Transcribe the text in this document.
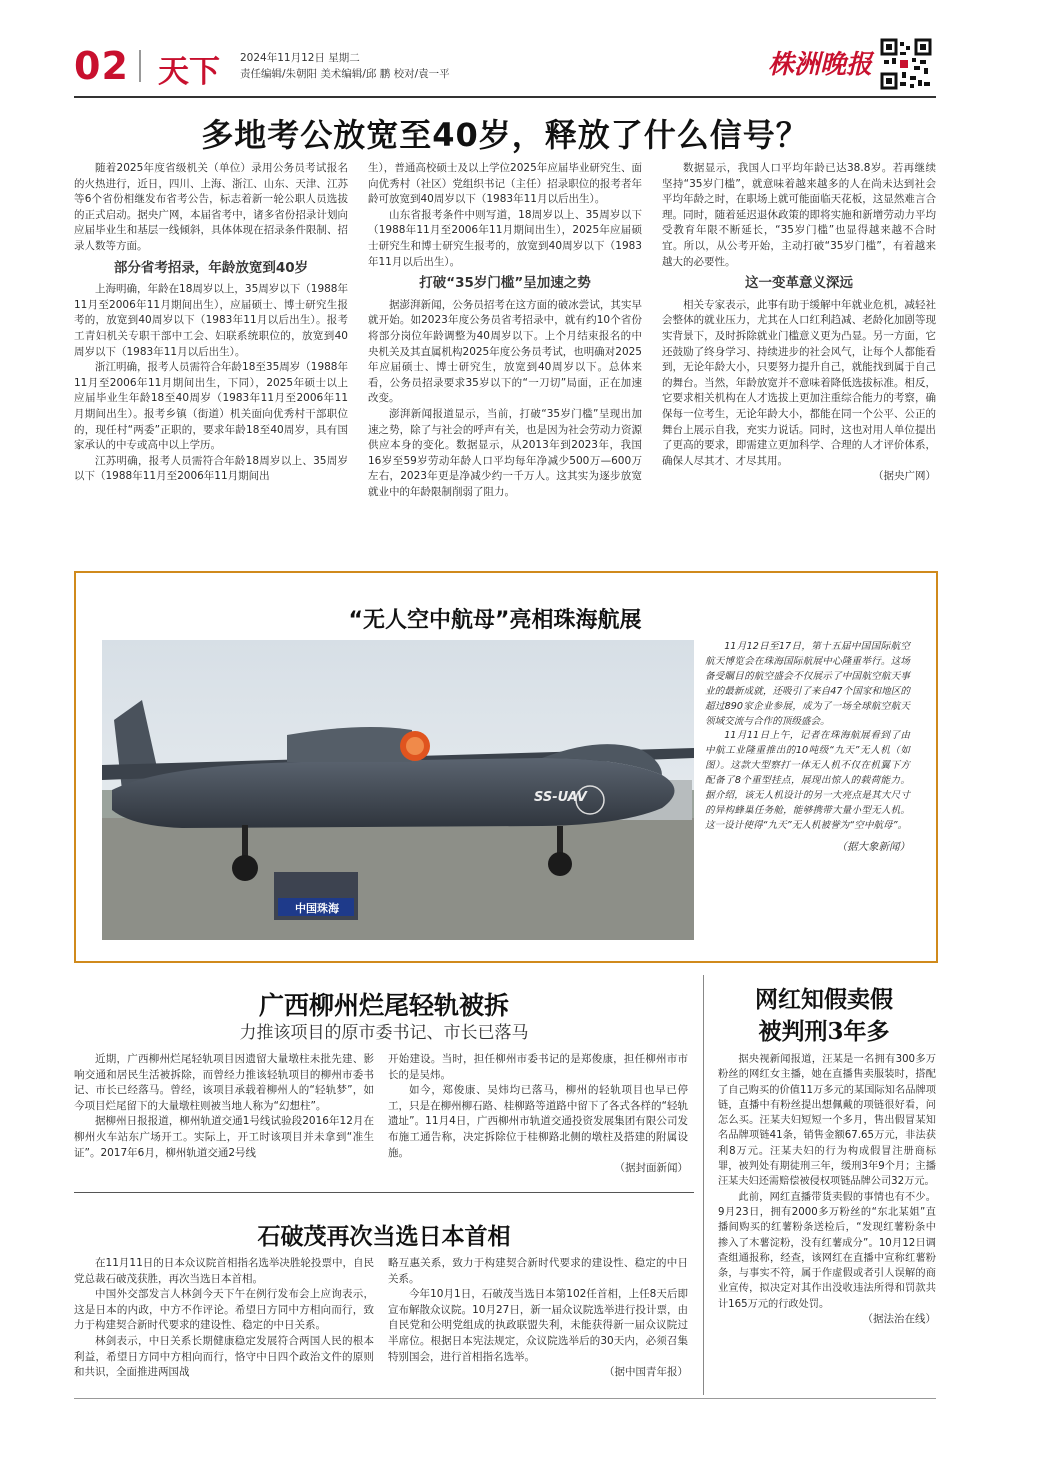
02 天下 2024年11月12日 星期二
责任编辑/朱朝阳 美术编辑/邱 鹏 校对/袁一平	株洲晚报
多地考公放宽至40岁，释放了什么信号？

随着2025年度省级机关（单位）录用公务员考试报名的火热进行，近日，四川、上海、浙江、山东、天津、江苏等6个省份相继发布省考公告，标志着新一轮公职人员选拔的正式启动。据央广网，本届省考中，诸多省份招录计划向应届毕业生和基层一线倾斜，具体体现在招录条件限制、招录人数等方面。

部分省考招录，年龄放宽到40岁

上海明确，年龄在18周岁以上，35周岁以下（1988年11月至2006年11月期间出生），应届硕士、博士研究生报考的，放宽到40周岁以下（1983年11月以后出生）。报考工青妇机关专职干部中工会、妇联系统职位的，放宽到40周岁以下（1983年11月以后出生）。

浙江明确，报考人员需符合年龄18至35周岁（1988年11月至2006年11月期间出生，下同），2025年硕士以上应届毕业生年龄18至40周岁（1983年11月至2006年11月期间出生）。报考乡镇（街道）机关面向优秀村干部职位的，现任村“两委”正职的，要求年龄18至40周岁，具有国家承认的中专或高中以上学历。

江苏明确，报考人员需符合年龄18周岁以上、35周岁以下（1988年11月至2006年11月期间出

生），普通高校硕士及以上学位2025年应届毕业研究生、面向优秀村（社区）党组织书记（主任）招录职位的报考者年龄可放宽到40周岁以下（1983年11月以后出生）。

山东省报考条件中则写道，18周岁以上、35周岁以下（1988年11月至2006年11月期间出生），2025年应届硕士研究生和博士研究生报考的，放宽到40周岁以下（1983年11月以后出生）。

打破“35岁门槛”呈加速之势

据澎湃新闻，公务员招考在这方面的破冰尝试，其实早就开始。如2023年度公务员省考招录中，就有约10个省份将部分岗位年龄调整为40周岁以下。上个月结束报名的中央机关及其直属机构2025年度公务员考试，也明确对2025年应届硕士、博士研究生，放宽到40周岁以下。总体来看，公务员招录要求35岁以下的“一刀切”局面，正在加速改变。

澎湃新闻报道显示，当前，打破“35岁门槛”呈现出加速之势，除了与社会的呼声有关，也是因为社会劳动力资源供应本身的变化。数据显示，从2013年到2023年，我国16岁至59岁劳动年龄人口平均每年净减少500万—600万左右，2023年更是净减少约一千万人。这其实为逐步放宽就业中的年龄限制削弱了阻力。

数据显示，我国人口平均年龄已达38.8岁。若再继续坚持“35岁门槛”，就意味着越来越多的人在尚未达到社会平均年龄之时，在职场上就可能面临天花板，这显然难言合理。同时，随着延迟退休政策的即将实施和新增劳动力平均受教育年限不断延长，“35岁门槛”也显得越来越不合时宜。所以，从公考开始，主动打破“35岁门槛”，有着越来越大的必要性。

这一变革意义深远

相关专家表示，此事有助于缓解中年就业危机，减轻社会整体的就业压力，尤其在人口红利趋减、老龄化加剧等现实背景下，及时拆除就业门槛意义更为凸显。另一方面，它还鼓励了终身学习、持续进步的社会风气，让每个人都能看到，无论年龄大小，只要努力提升自己，就能找到属于自己的舞台。当然，年龄放宽并不意味着降低选拔标准。相反，它要求相关机构在人才选拔上更加注重综合能力的考察，确保每一位考生，无论年龄大小，都能在同一个公平、公正的舞台上展示自我，充实力说话。同时，这也对用人单位提出了更高的要求，即需建立更加科学、合理的人才评价体系，确保人尽其才、才尽其用。

（据央广网）
“无人空中航母”亮相珠海航展
SS-UAV
中国珠海

11月12日至17日，第十五届中国国际航空航天博览会在珠海国际航展中心隆重举行。这场备受瞩目的航空盛会不仅展示了中国航空航天事业的最新成就，还吸引了来自47个国家和地区的超过890家企业参展，成为了一场全球航空航天领域交流与合作的顶级盛会。

11月11日上午，记者在珠海航展看到了由中航工业隆重推出的10吨级“九天”无人机（如图）。这款大型察打一体无人机不仅在机翼下方配备了8个重型挂点，展现出惊人的载荷能力。据介绍，该无人机设计的另一大亮点是其大尺寸的异构蜂巢任务舱，能够携带大量小型无人机。这一设计使得“九天”无人机被誉为“空中航母”。

（据大象新闻）
广西柳州烂尾轻轨被拆
力推该项目的原市委书记、市长已落马

近期，广西柳州烂尾轻轨项目因遗留大量墩柱未批先建、影响交通和居民生活被拆除，而曾经力推该轻轨项目的柳州市委书记、市长已经落马。曾经，该项目承载着柳州人的“轻轨梦”，如今项目烂尾留下的大量墩柱则被当地人称为“幻想柱”。

据柳州日报报道，柳州轨道交通1号线试验段2016年12月在柳州火车站东广场开工。实际上，开工时该项目并未拿到“准生证”。2017年6月，柳州轨道交通2号线

开始建设。当时，担任柳州市委书记的是郑俊康，担任柳州市市长的是吴炜。

如今，郑俊康、吴炜均已落马，柳州的轻轨项目也早已停工，只是在柳州柳石路、桂柳路等道路中留下了各式各样的“轻轨遗址”。11月4日，广西柳州市轨道交通投资发展集团有限公司发布施工通告称，决定拆除位于桂柳路北侧的墩柱及搭建的附属设施。

（据封面新闻）
石破茂再次当选日本首相

在11月11日的日本众议院首相指名选举决胜轮投票中，自民党总裁石破茂获胜，再次当选日本首相。

中国外交部发言人林剑今天下午在例行发布会上应询表示，这是日本的内政，中方不作评论。希望日方同中方相向而行，致力于构建契合新时代要求的建设性、稳定的中日关系。

林剑表示，中日关系长期健康稳定发展符合两国人民的根本利益，希望日方同中方相向而行，恪守中日四个政治文件的原则和共识，全面推进两国战

略互惠关系，致力于构建契合新时代要求的建设性、稳定的中日关系。

今年10月1日，石破茂当选日本第102任首相，上任8天后即宣布解散众议院。10月27日，新一届众议院选举进行投计票，由自民党和公明党组成的执政联盟失利，未能获得新一届众议院过半席位。根据日本宪法规定，众议院选举后的30天内，必须召集特别国会，进行首相指名选举。

（据中国青年报）
网红知假卖假
被判刑3年多

据央视新闻报道，汪某是一名拥有300多万粉丝的网红女主播，她在直播售卖服装时，搭配了自己购买的价值11万多元的某国际知名品牌项链，直播中有粉丝提出想佩戴的项链很好看，问怎么买。汪某夫妇短短一个多月，售出假冒某知名品牌项链41条，销售金额67.65万元，非法获利8万元。汪某夫妇的行为构成假冒注册商标罪，被判处有期徒刑三年，缓刑3年9个月；主播汪某夫妇还需赔偿被侵权项链品牌公司32万元。

此前，网红直播带货卖假的事情也有不少。9月23日，拥有2000多万粉丝的“东北某姐”直播间购买的红薯粉条送检后，“发现红薯粉条中掺入了木薯淀粉，没有红薯成分”。10月12日调查组通报称，经查，该网红在直播中宣称红薯粉条，与事实不符，属于作虚假或者引人误解的商业宣传，拟决定对其作出没收违法所得和罚款共计165万元的行政处罚。

（据法治在线）
